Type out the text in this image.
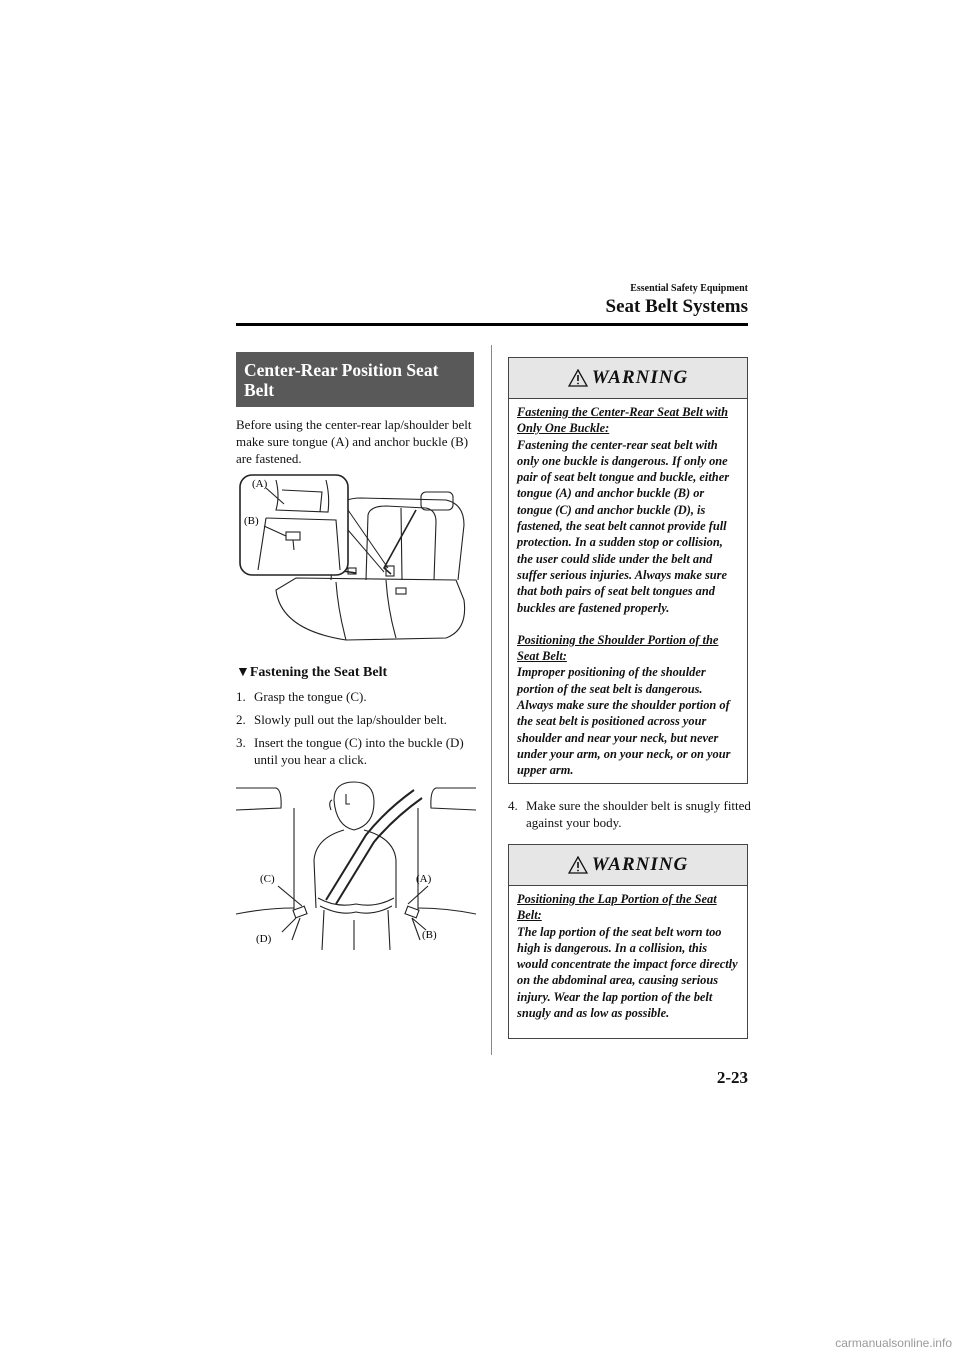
Essential Safety Equipment
Seat Belt Systems
Center-Rear Position Seat Belt
Before using the center-rear lap/shoulder belt make sure tongue (A) and anchor buckle (B) are fastened.
(A)
(B)
▼Fastening the Seat Belt
1. Grasp the tongue (C).
2. Slowly pull out the lap/shoulder belt.
3. Insert the tongue (C) into the buckle (D) until you hear a click.
(C)	(A)
(D)	(B)
WARNING
Fastening the Center-Rear Seat Belt with Only One Buckle:
Fastening the center-rear seat belt with only one buckle is dangerous. If only one pair of seat belt tongue and buckle, either tongue (A) and anchor buckle (B) or tongue (C) and anchor buckle (D), is fastened, the seat belt cannot provide full protection. In a sudden stop or collision, the user could slide under the belt and suffer serious injuries. Always make sure that both pairs of seat belt tongues and buckles are fastened properly.
Positioning the Shoulder Portion of the Seat Belt:
Improper positioning of the shoulder portion of the seat belt is dangerous. Always make sure the shoulder portion of the seat belt is positioned across your shoulder and near your neck, but never under your arm, on your neck, or on your upper arm.
4. Make sure the shoulder belt is snugly fitted against your body.
WARNING
Positioning the Lap Portion of the Seat Belt:
The lap portion of the seat belt worn too high is dangerous. In a collision, this would concentrate the impact force directly on the abdominal area, causing serious injury. Wear the lap portion of the belt snugly and as low as possible.
2-23
carmanualsonline.info
